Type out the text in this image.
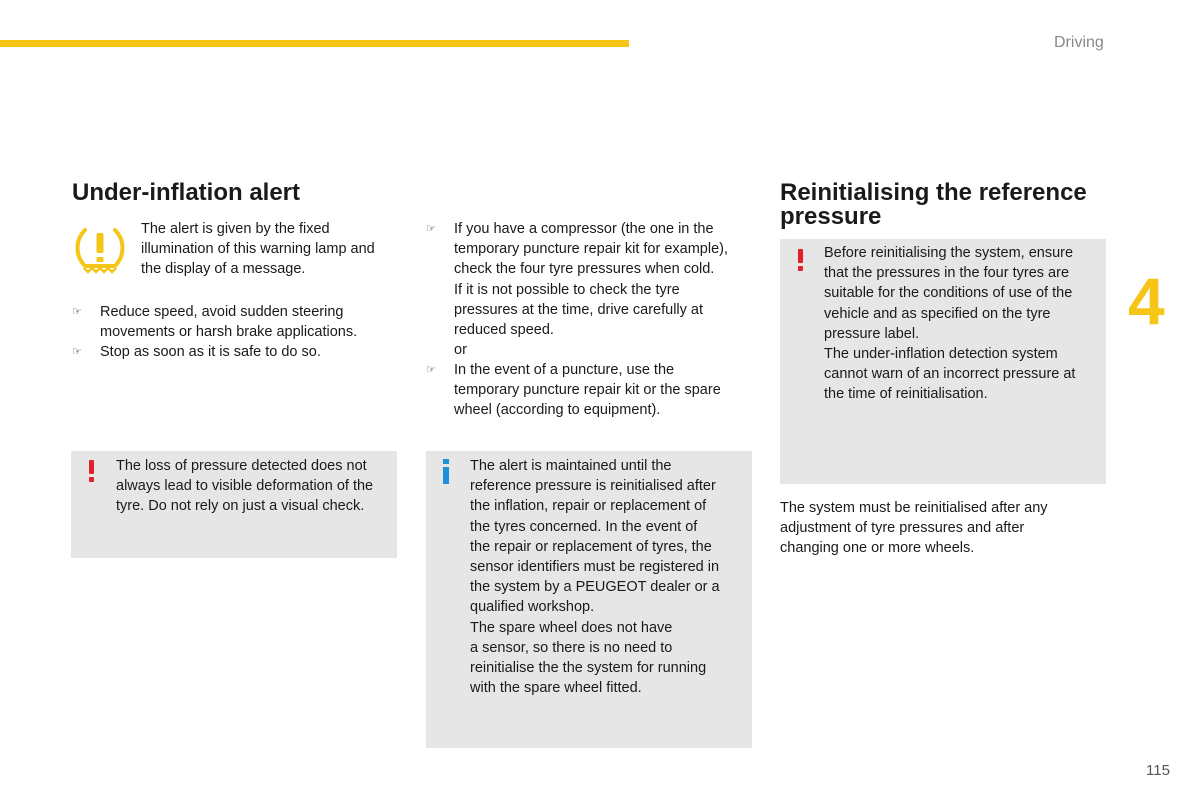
Driving
4
115
Under-inflation alert
The alert is given by the fixed
illumination of this warning lamp and
the display of a message.
☞ Reduce speed, avoid sudden steering
movements or harsh brake applications.
☞ Stop as soon as it is safe to do so.
The loss of pressure detected does not
always lead to visible deformation of the
tyre. Do not rely on just a visual check.
☞ If you have a compressor (the one in the
temporary puncture repair kit for example),
check the four tyre pressures when cold.
If it is not possible to check the tyre
pressures at the time, drive carefully at
reduced speed.
or
☞ In the event of a puncture, use the
temporary puncture repair kit or the spare
wheel (according to equipment).
The alert is maintained until the
reference pressure is reinitialised after
the inflation, repair or replacement of
the tyres concerned. In the event of
the repair or replacement of tyres, the
sensor identifiers must be registered in
the system by a PEUGEOT dealer or a
qualified workshop.
The spare wheel does not have
a sensor, so there is no need to
reinitialise the the system for running
with the spare wheel fitted.
Reinitialising the reference
pressure
Before reinitialising the system, ensure
that the pressures in the four tyres are
suitable for the conditions of use of the
vehicle and as specified on the tyre
pressure label.
The under-inflation detection system
cannot warn of an incorrect pressure at
the time of reinitialisation.
The system must be reinitialised after any
adjustment of tyre pressures and after
changing one or more wheels.
